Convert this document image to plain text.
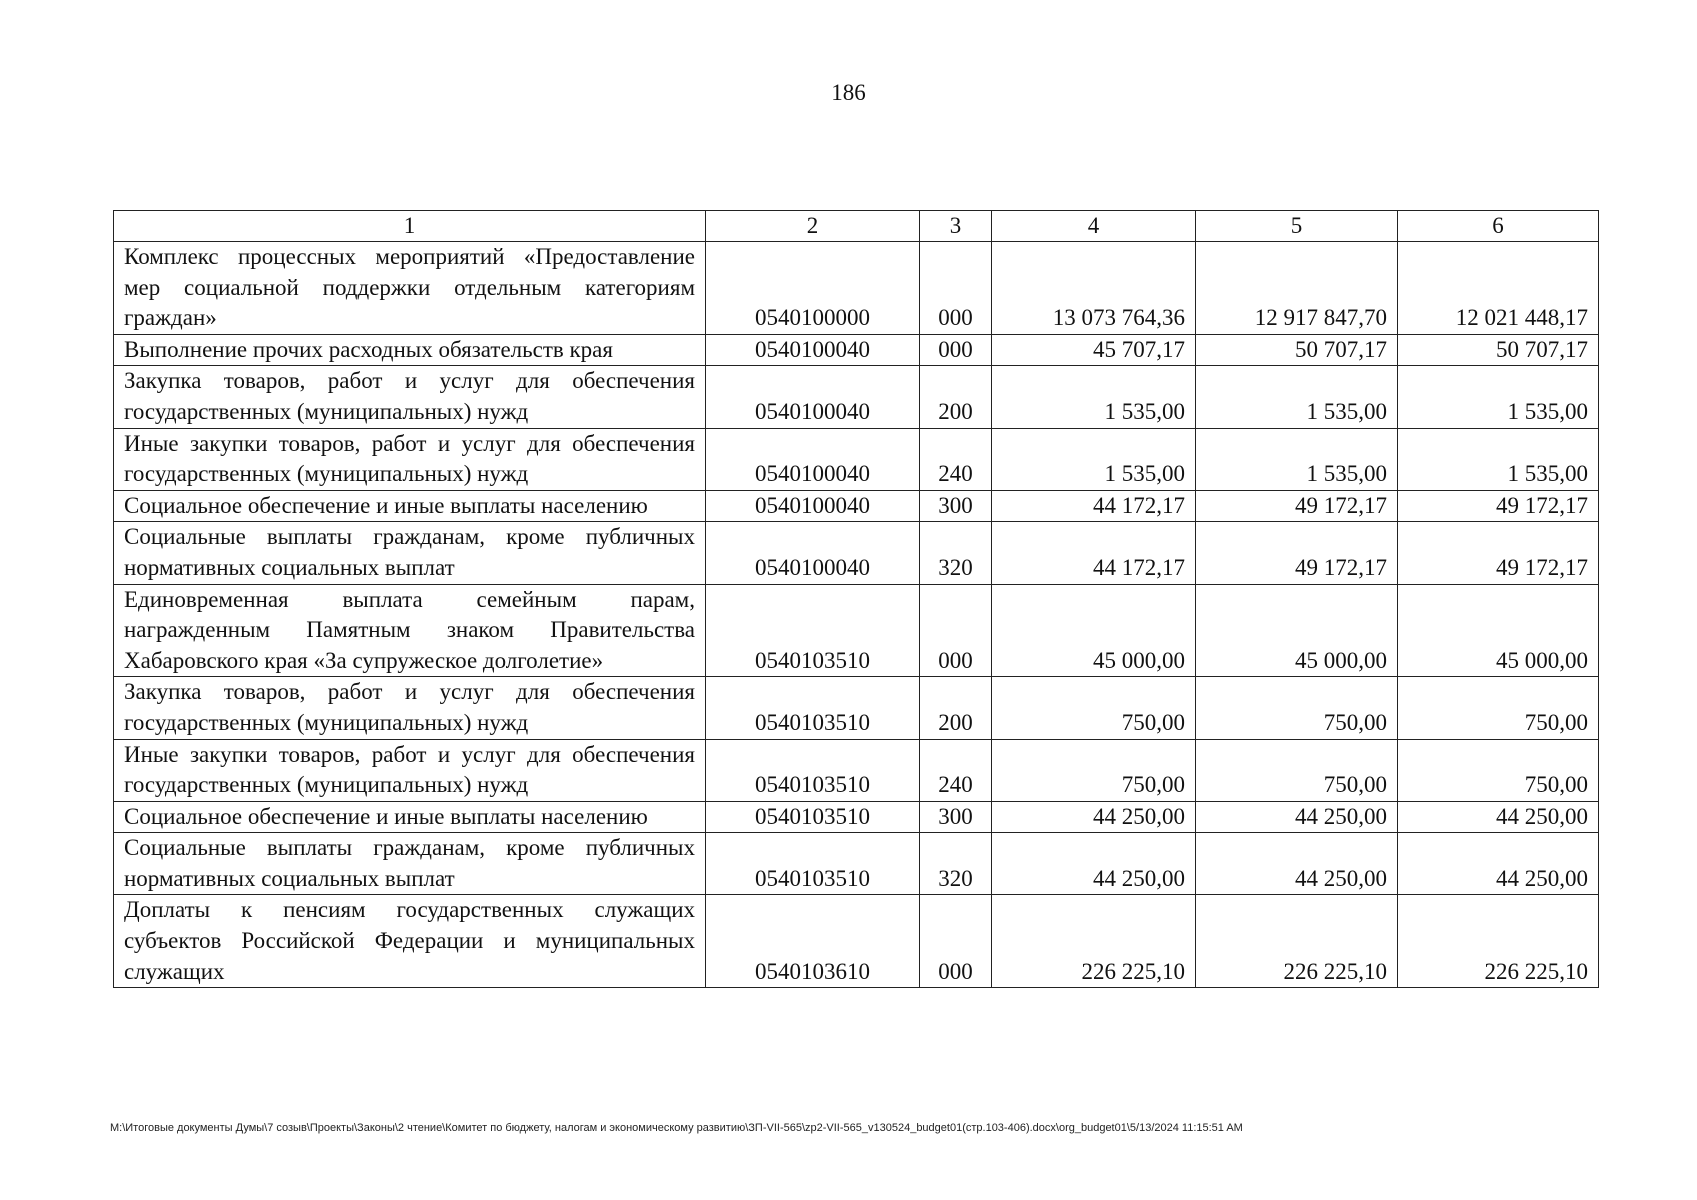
186
1	2	3	4	5	6
Комплекс процессных мероприятий «Предоставление мер социальной поддержки отдельным категориям граждан»	0540100000	000	13 073 764,36	12 917 847,70	12 021 448,17
Выполнение прочих расходных обязательств края	0540100040	000	45 707,17	50 707,17	50 707,17
Закупка товаров, работ и услуг для обеспечения государственных (муниципальных) нужд	0540100040	200	1 535,00	1 535,00	1 535,00
Иные закупки товаров, работ и услуг для обеспечения государственных (муниципальных) нужд	0540100040	240	1 535,00	1 535,00	1 535,00
Социальное обеспечение и иные выплаты населению	0540100040	300	44 172,17	49 172,17	49 172,17
Социальные выплаты гражданам, кроме публичных нормативных социальных выплат	0540100040	320	44 172,17	49 172,17	49 172,17
Единовременная выплата семейным парам, награжденным Памятным знаком Правительства Хабаровского края «За супружеское долголетие»	0540103510	000	45 000,00	45 000,00	45 000,00
Закупка товаров, работ и услуг для обеспечения государственных (муниципальных) нужд	0540103510	200	750,00	750,00	750,00
Иные закупки товаров, работ и услуг для обеспечения государственных (муниципальных) нужд	0540103510	240	750,00	750,00	750,00
Социальное обеспечение и иные выплаты населению	0540103510	300	44 250,00	44 250,00	44 250,00
Социальные выплаты гражданам, кроме публичных нормативных социальных выплат	0540103510	320	44 250,00	44 250,00	44 250,00
Доплаты к пенсиям государственных служащих субъектов Российской Федерации и муниципальных служащих	0540103610	000	226 225,10	226 225,10	226 225,10
M:\Итоговые документы Думы\7 созыв\Проекты\Законы\2 чтение\Комитет по бюджету, налогам и экономическому развитию\ЗП-VII-565\zp2-VII-565_v130524_budget01(стр.103-406).docx\org_budget01\5/13/2024 11:15:51 AM
